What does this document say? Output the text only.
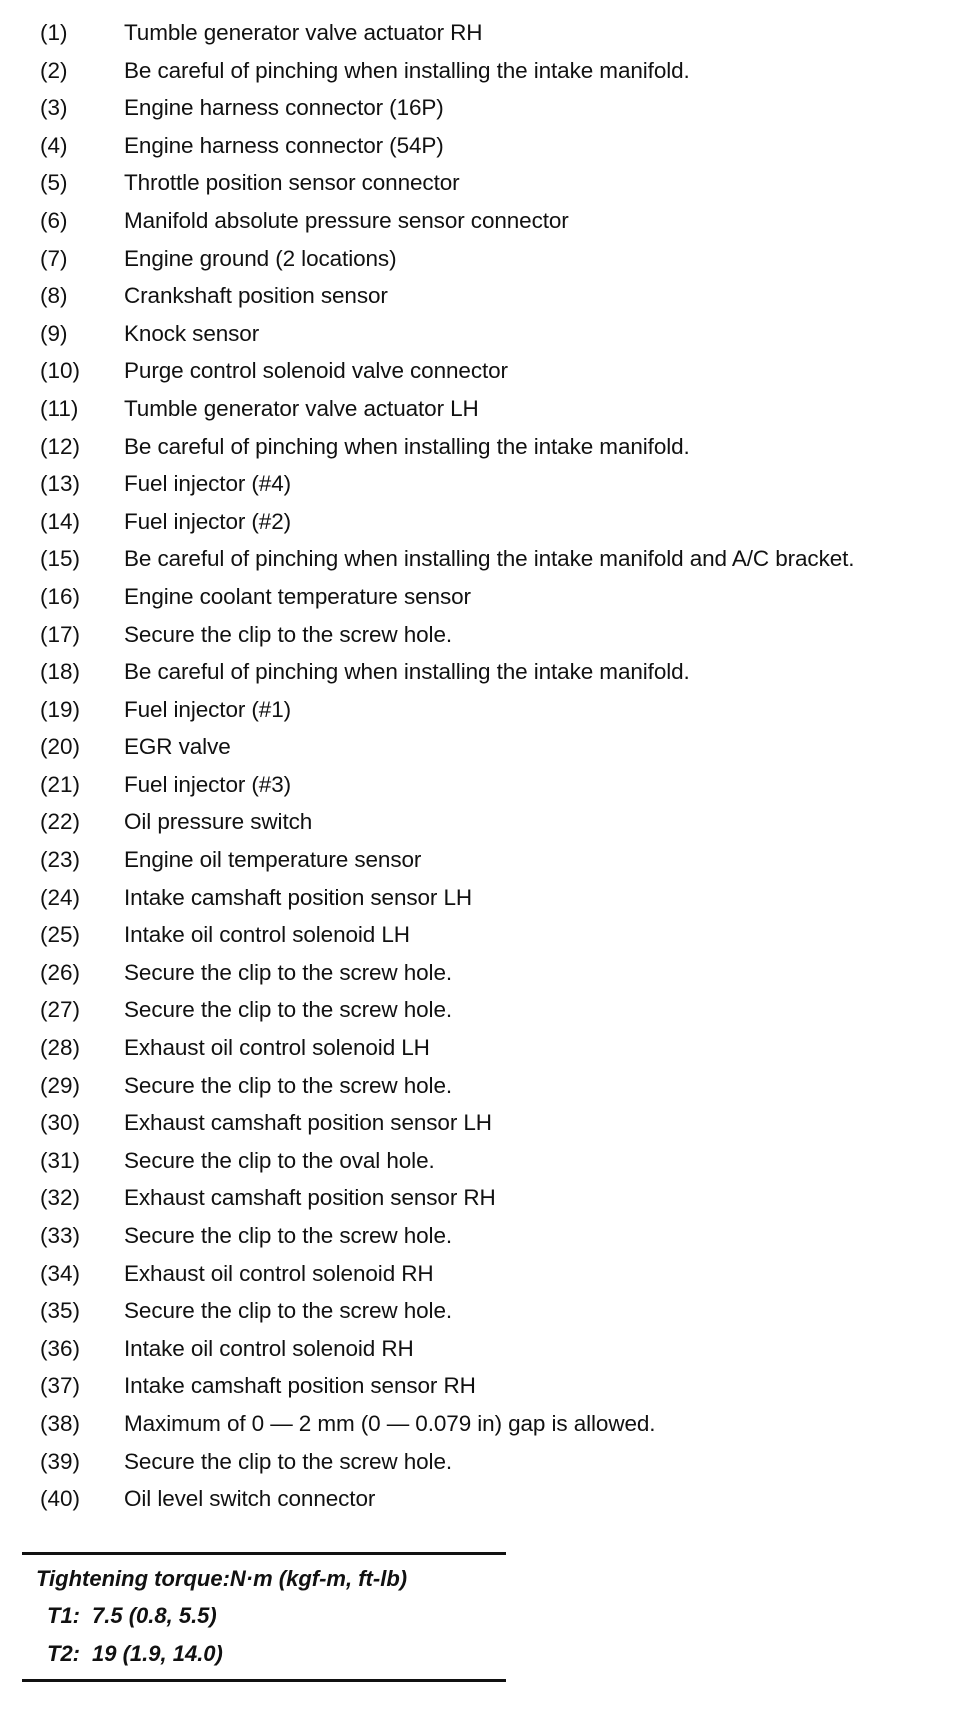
(1)	Tumble generator valve actuator RH
(2)	Be careful of pinching when installing the intake manifold.
(3)	Engine harness connector (16P)
(4)	Engine harness connector (54P)
(5)	Throttle position sensor connector
(6)	Manifold absolute pressure sensor connector
(7)	Engine ground (2 locations)
(8)	Crankshaft position sensor
(9)	Knock sensor
(10)	Purge control solenoid valve connector
(11)	Tumble generator valve actuator LH
(12)	Be careful of pinching when installing the intake manifold.
(13)	Fuel injector (#4)
(14)	Fuel injector (#2)
(15)	Be careful of pinching when installing the intake manifold and A/C bracket.
(16)	Engine coolant temperature sensor
(17)	Secure the clip to the screw hole.
(18)	Be careful of pinching when installing the intake manifold.
(19)	Fuel injector (#1)
(20)	EGR valve
(21)	Fuel injector (#3)
(22)	Oil pressure switch
(23)	Engine oil temperature sensor
(24)	Intake camshaft position sensor LH
(25)	Intake oil control solenoid LH
(26)	Secure the clip to the screw hole.
(27)	Secure the clip to the screw hole.
(28)	Exhaust oil control solenoid LH
(29)	Secure the clip to the screw hole.
(30)	Exhaust camshaft position sensor LH
(31)	Secure the clip to the oval hole.
(32)	Exhaust camshaft position sensor RH
(33)	Secure the clip to the screw hole.
(34)	Exhaust oil control solenoid RH
(35)	Secure the clip to the screw hole.
(36)	Intake oil control solenoid RH
(37)	Intake camshaft position sensor RH
(38)	Maximum of 0 — 2 mm (0 — 0.079 in) gap is allowed.
(39)	Secure the clip to the screw hole.
(40)	Oil level switch connector
Tightening torque:N·m (kgf-m, ft-lb)
T1: 7.5 (0.8, 5.5)
T2: 19 (1.9, 14.0)
